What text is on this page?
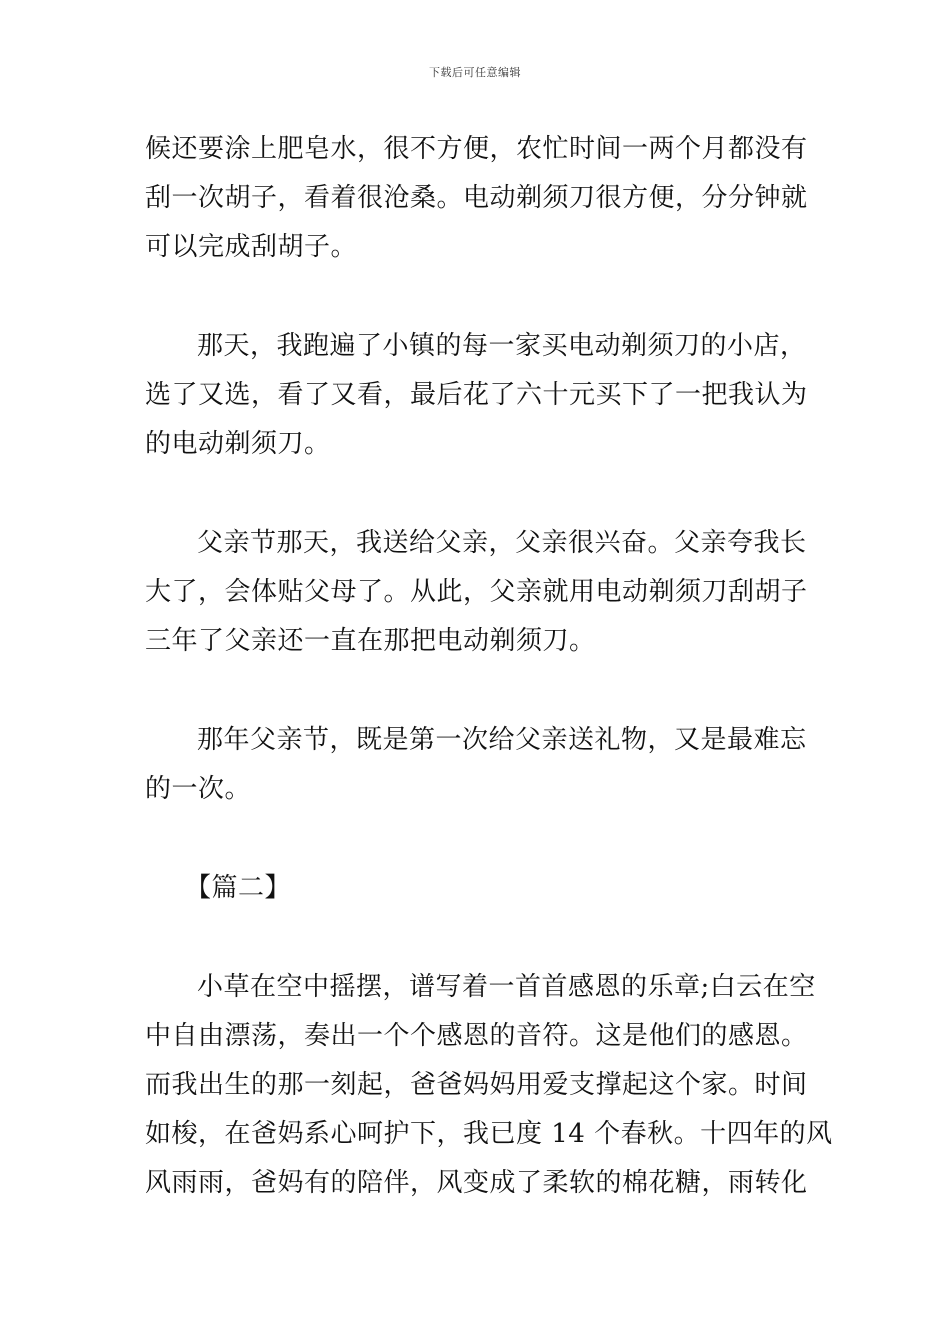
下载后可任意编辑
候还要涂上肥皂水，很不方便，农忙时间一两个月都没有
刮一次胡子，看着很沧桑。电动剃须刀很方便，分分钟就
可以完成刮胡子。
那天，我跑遍了小镇的每一家买电动剃须刀的小店，
选了又选，看了又看，最后花了六十元买下了一把我认为
的电动剃须刀。
父亲节那天，我送给父亲，父亲很兴奋。父亲夸我长
大了，会体贴父母了。从此，父亲就用电动剃须刀刮胡子
三年了父亲还一直在那把电动剃须刀。
那年父亲节，既是第一次给父亲送礼物，又是最难忘
的一次。
【篇二】
小草在空中摇摆，谱写着一首首感恩的乐章;白云在空
中自由漂荡，奏出一个个感恩的音符。这是他们的感恩。
而我出生的那一刻起，爸爸妈妈用爱支撑起这个家。时间
如梭，在爸妈系心呵护下，我已度 14 个春秋。十四年的风
风雨雨，爸妈有的陪伴，风变成了柔软的棉花糖，雨转化
